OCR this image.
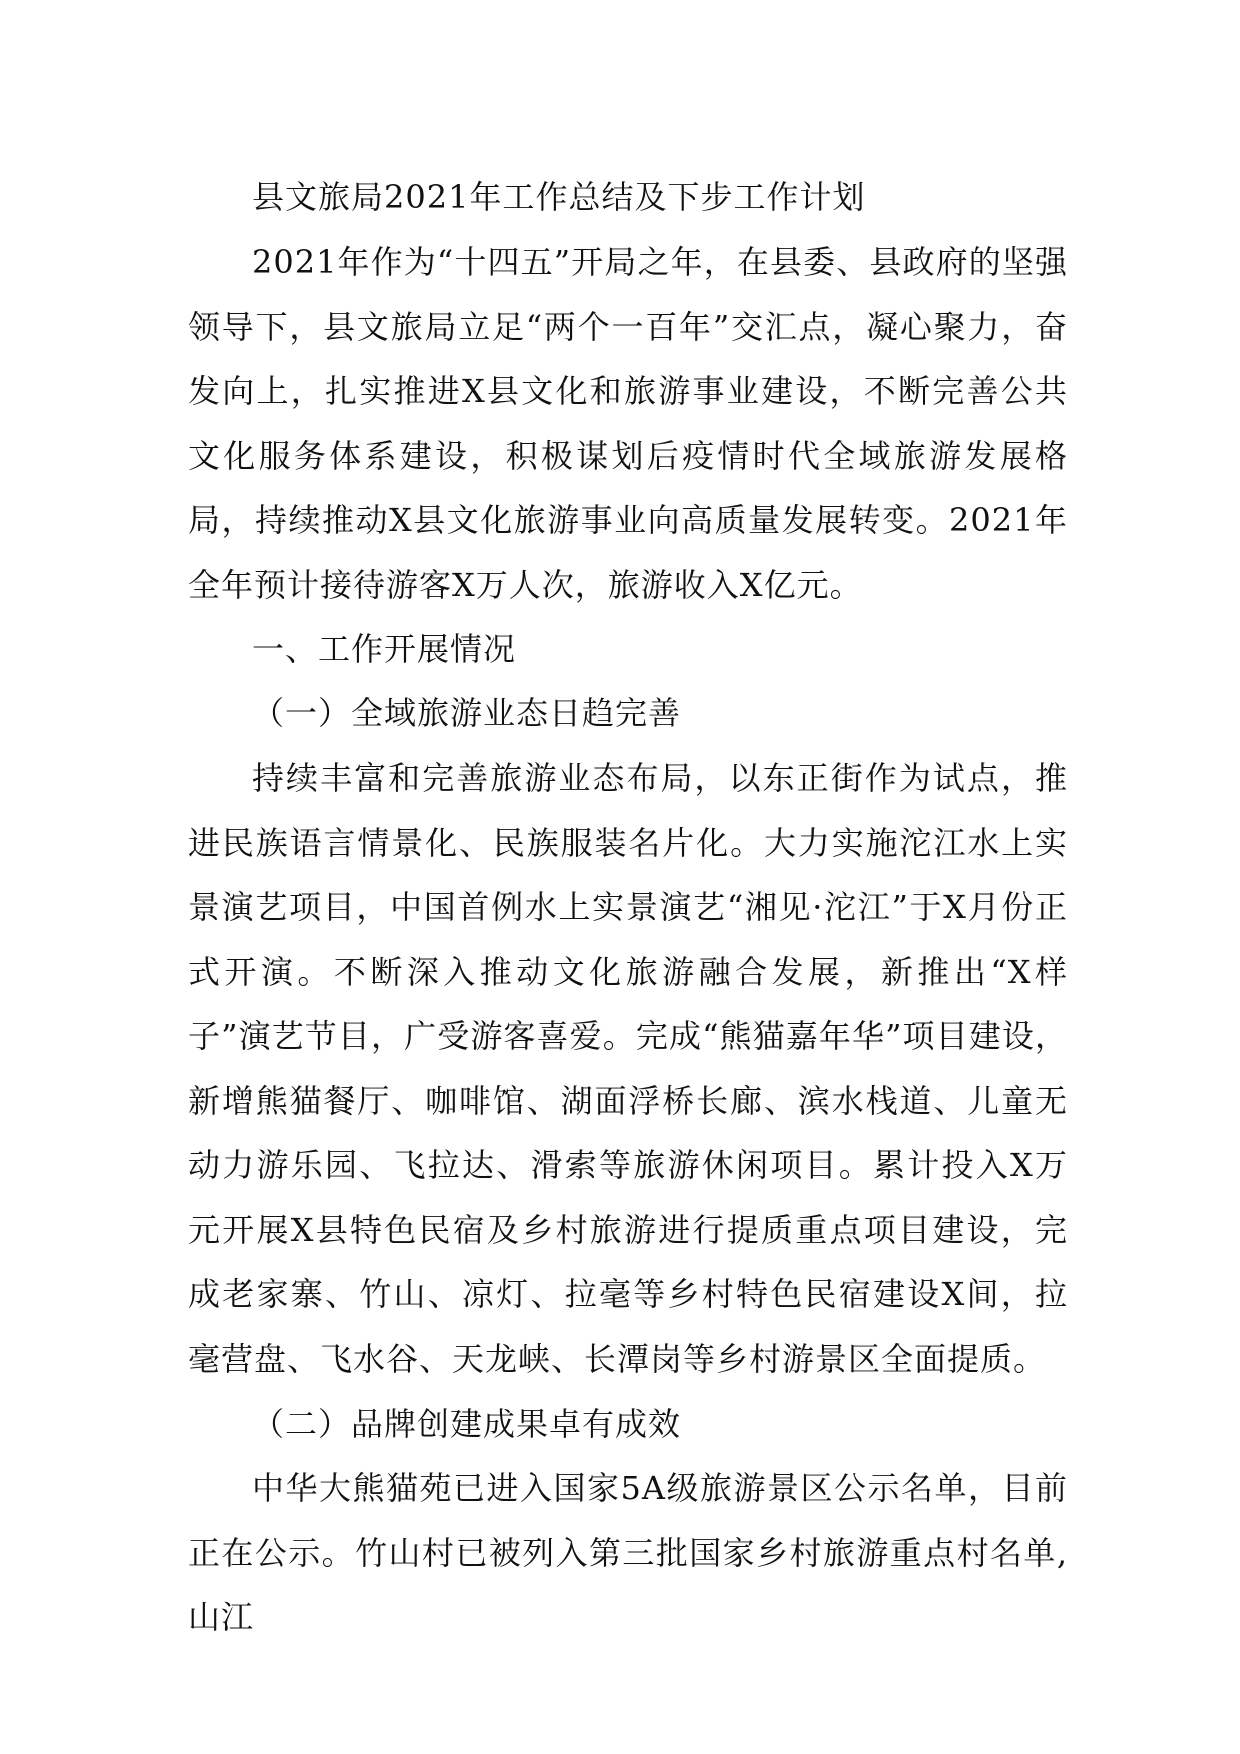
县文旅局2021年工作总结及下步工作计划

2021年作为“十四五”开局之年，在县委、县政府的坚强领导下，县文旅局立足“两个一百年”交汇点，凝心聚力，奋发向上，扎实推进X县文化和旅游事业建设，不断完善公共文化服务体系建设，积极谋划后疫情时代全域旅游发展格局，持续推动X县文化旅游事业向高质量发展转变。2021年全年预计接待游客X万人次，旅游收入X亿元。

一、工作开展情况

（一）全域旅游业态日趋完善

持续丰富和完善旅游业态布局，以东正街作为试点，推进民族语言情景化、民族服装名片化。大力实施沱江水上实景演艺项目，中国首例水上实景演艺“湘见·沱江”于X月份正式开演。不断深入推动文化旅游融合发展，新推出“X样子”演艺节目，广受游客喜爱。完成“熊猫嘉年华”项目建设，新增熊猫餐厅、咖啡馆、湖面浮桥长廊、滨水栈道、儿童无动力游乐园、飞拉达、滑索等旅游休闲项目。累计投入X万元开展X县特色民宿及乡村旅游进行提质重点项目建设，完成老家寨、竹山、凉灯、拉毫等乡村特色民宿建设X间，拉毫营盘、飞水谷、天龙峡、长潭岗等乡村游景区全面提质。

（二）品牌创建成果卓有成效

中华大熊猫苑已进入国家5A级旅游景区公示名单，目前正在公示。竹山村已被列入第三批国家乡村旅游重点村名单,山江
